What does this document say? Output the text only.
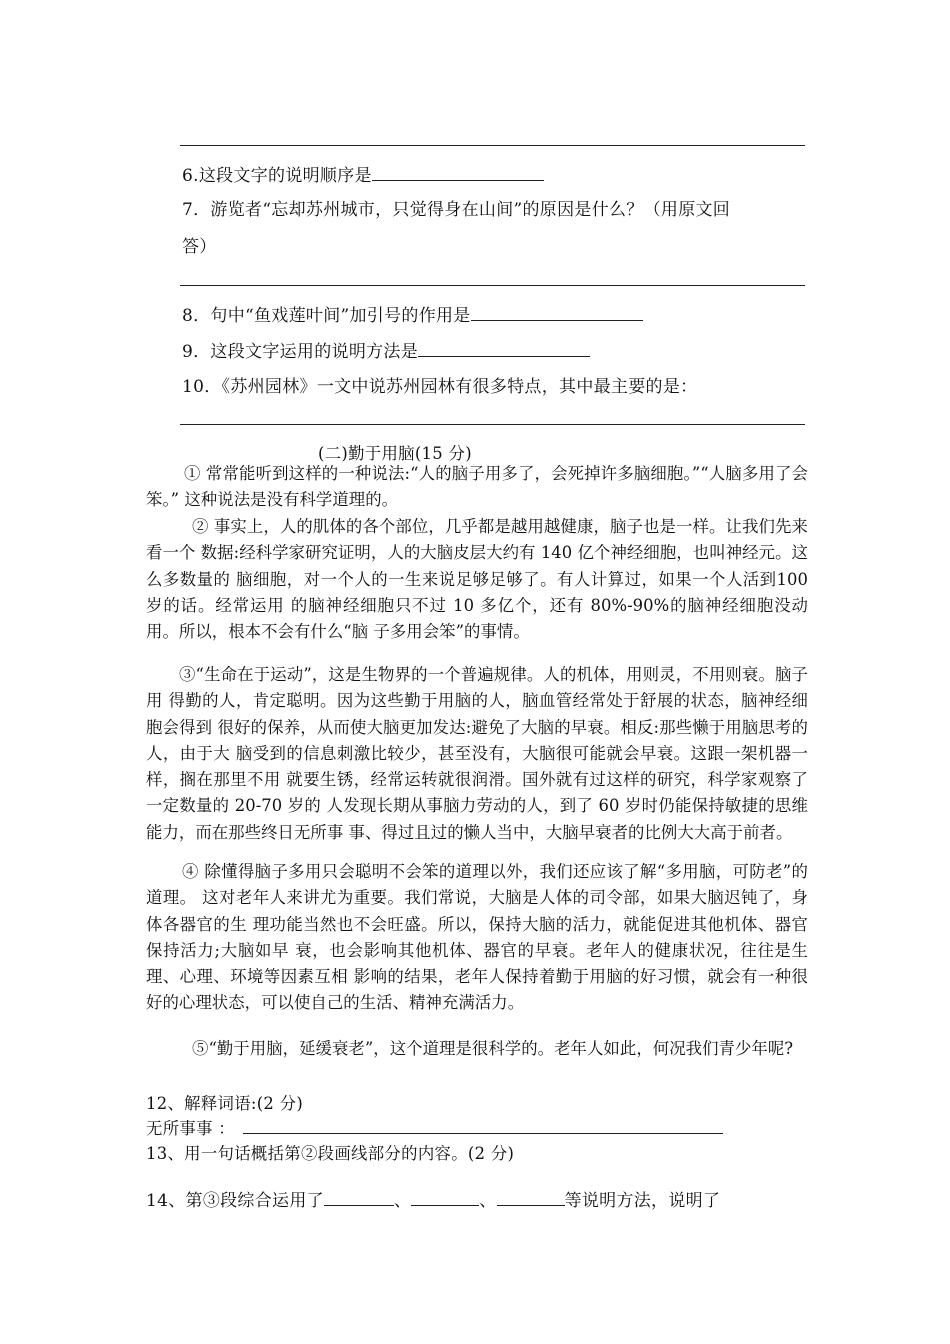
6.这段文字的说明顺序是
7．游览者“忘却苏州城市，只觉得身在山间”的原因是什么？（用原文回
答）
8．句中“鱼戏莲叶间”加引号的作用是
9．这段文字运用的说明方法是
10．《苏州园林》一文中说苏州园林有很多特点，其中最主要的是：
(二)勤于用脑(15 分)
① 常常能听到这样的一种说法:“人的脑子用多了，会死掉许多脑细胞。”“人脑多用了会笨。” 这种说法是没有科学道理的。
② 事实上，人的肌体的各个部位，几乎都是越用越健康，脑子也是一样。让我们先来看一个 数据:经科学家研究证明，人的大脑皮层大约有 140 亿个神经细胞，也叫神经元。这么多数量的 脑细胞，对一个人的一生来说足够足够了。有人计算过，如果一个人活到100 岁的话。经常运用 的脑神经细胞只不过 10 多亿个，还有 80%-90%的脑神经细胞没动用。所以，根本不会有什么“脑 子多用会笨”的事情。
③“生命在于运动”，这是生物界的一个普遍规律。人的机体，用则灵，不用则衰。脑子用 得勤的人，肯定聪明。因为这些勤于用脑的人，脑血管经常处于舒展的状态，脑神经细胞会得到 很好的保养，从而使大脑更加发达:避免了大脑的早衰。相反:那些懒于用脑思考的人，由于大 脑受到的信息刺激比较少，甚至没有，大脑很可能就会早衰。这跟一架机器一样，搁在那里不用 就要生锈，经常运转就很润滑。国外就有过这样的研究，科学家观察了一定数量的 20-70 岁的 人发现长期从事脑力劳动的人，到了 60 岁时仍能保持敏捷的思维能力，而在那些终日无所事 事、得过且过的懒人当中，大脑早衰者的比例大大高于前者。
④ 除懂得脑子多用只会聪明不会笨的道理以外，我们还应该了解“多用脑，可防老”的道理。 这对老年人来讲尤为重要。我们常说，大脑是人体的司令部，如果大脑迟钝了，身体各器官的生 理功能当然也不会旺盛。所以，保持大脑的活力，就能促进其他机体、器官保持活力;大脑如早 衰，也会影响其他机体、器官的早衰。老年人的健康状况，往往是生理、心理、环境等因素互相 影响的结果，老年人保持着勤于用脑的好习惯，就会有一种很好的心理状态，可以使自己的生活、精神充满活力。
⑤“勤于用脑，延缓衰老”，这个道理是很科学的。老年人如此，何况我们青少年呢?
12、解释词语:(2 分)
无所事事 ：
13、用一句话概括第②段画线部分的内容。(2 分)
14、第③段综合运用了	、	、	等说明方法，说明了
